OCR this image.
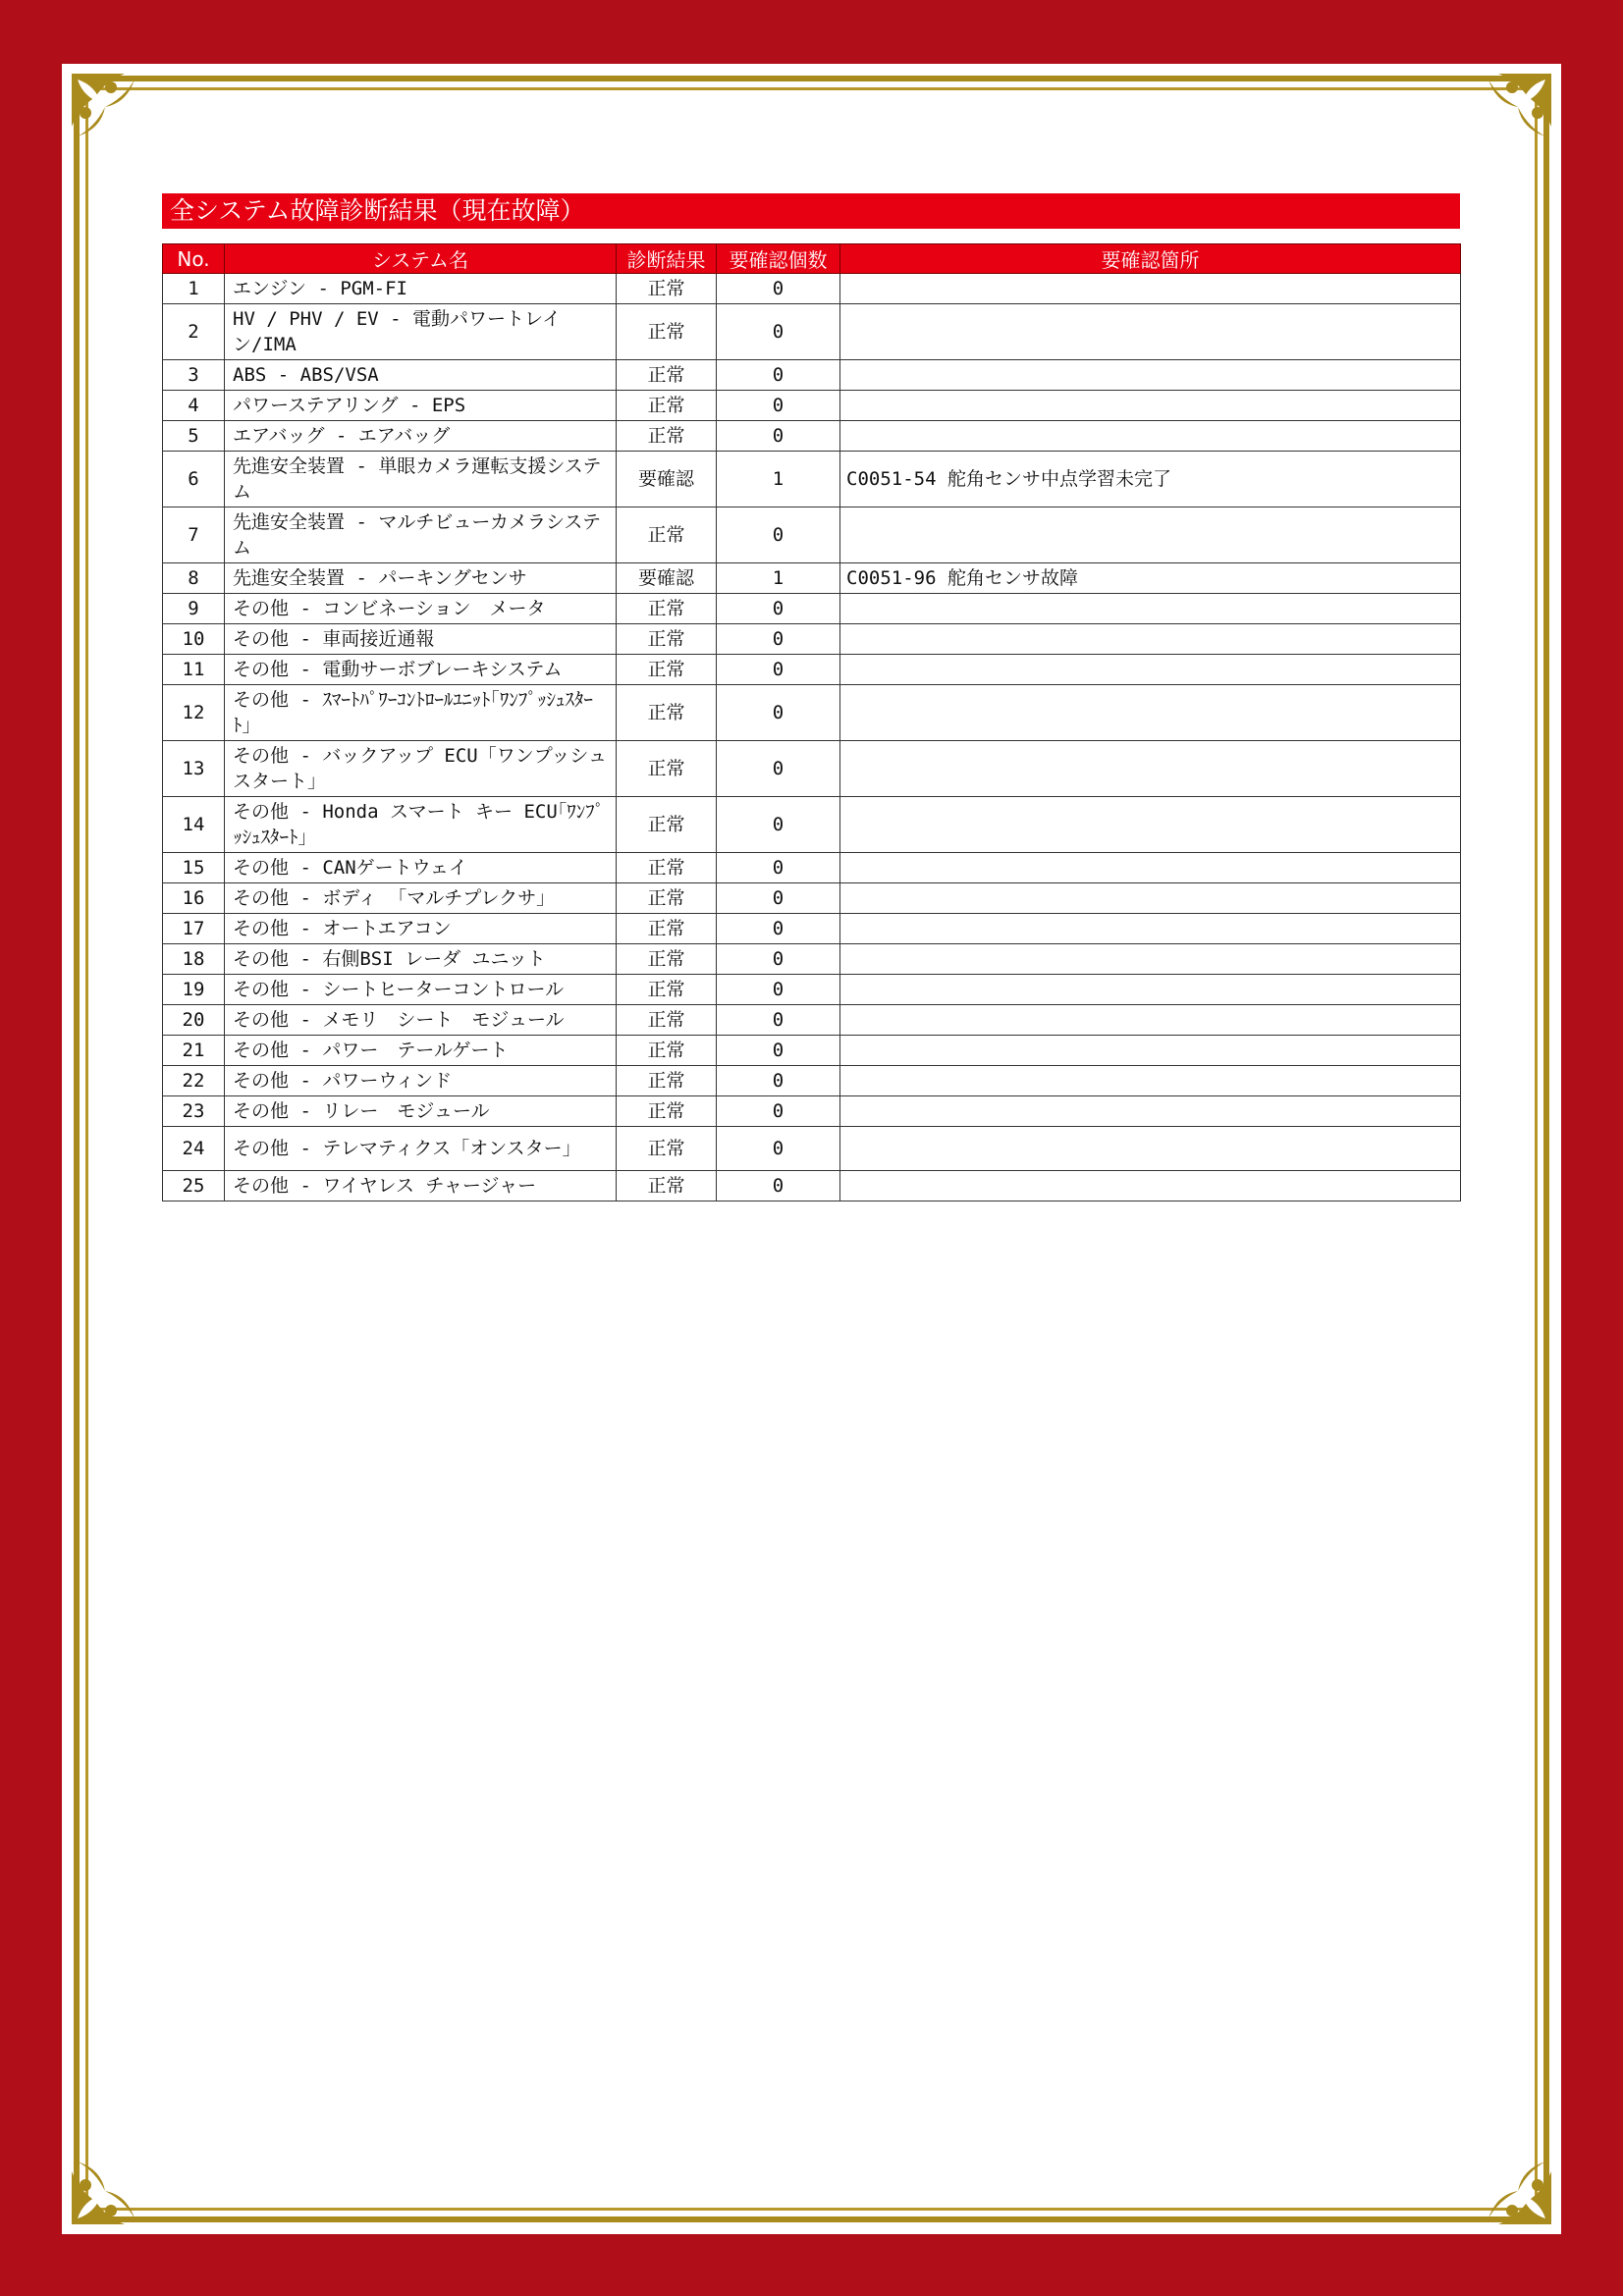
全システム故障診断結果（現在故障）
No.	システム名	診断結果	要確認個数	要確認箇所
1	エンジン - PGM-FI	正常	0	
2	HV / PHV / EV - 電動パワートレイン/IMA	正常	0	
3	ABS - ABS/VSA	正常	0	
4	パワーステアリング - EPS	正常	0	
5	エアバッグ - エアバッグ	正常	0	
6	先進安全装置 - 単眼カメラ運転支援システム	要確認	1	C0051-54 舵角センサ中点学習未完了
7	先進安全装置 - マルチビューカメラシステム	正常	0	
8	先進安全装置 - パーキングセンサ	要確認	1	C0051-96 舵角センサ故障
9	その他 - コンビネーション　メータ	正常	0	
10	その他 - 車両接近通報	正常	0	
11	その他 - 電動サーボブレーキシステム	正常	0	
12	その他 - ｽﾏｰﾄﾊﾟﾜｰｺﾝﾄﾛｰﾙﾕﾆｯﾄ｢ﾜﾝﾌﾟｯｼｭｽﾀｰﾄ｣	正常	0	
13	その他 - バックアップ ECU「ワンプッシュスタート」	正常	0	
14	その他 - Honda スマート キー ECU｢ﾜﾝﾌﾟｯｼｭｽﾀｰﾄ｣	正常	0	
15	その他 - CANゲートウェイ	正常	0	
16	その他 - ボディ 「マルチプレクサ」	正常	0	
17	その他 - オートエアコン	正常	0	
18	その他 - 右側BSI レーダ ユニット	正常	0	
19	その他 - シートヒーターコントロール	正常	0	
20	その他 - メモリ　シート　モジュール	正常	0	
21	その他 - パワー　テールゲート	正常	0	
22	その他 - パワーウィンド	正常	0	
23	その他 - リレー　モジュール	正常	0	
24	その他 - テレマティクス「オンスター」	正常	0	
25	その他 - ワイヤレス チャージャー	正常	0	
